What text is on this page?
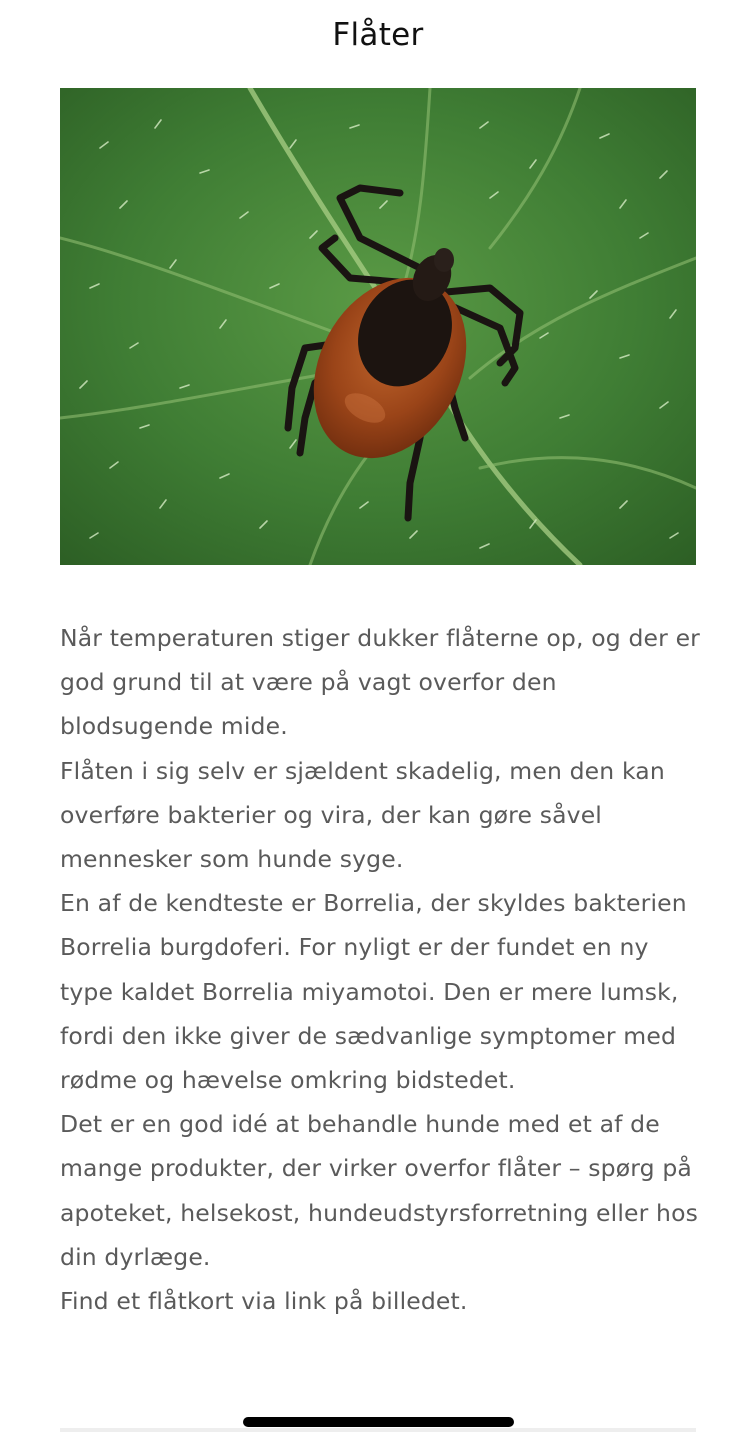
Flåter

Når temperaturen stiger dukker flåterne op, og der er god grund til at være på vagt overfor den blodsugende mide.

Flåten i sig selv er sjældent skadelig, men den kan overføre bakterier og vira, der kan gøre såvel mennesker som hunde syge.

En af de kendteste er Borrelia, der skyldes bakterien Borrelia burgdoferi. For nyligt er der fundet en ny type kaldet Borrelia miyamotoi. Den er mere lumsk, fordi den ikke giver de sædvanlige symptomer med rødme og hævelse omkring bidstedet.

Det er en god idé at behandle hunde med et af de mange produkter, der virker overfor flåter – spørg på apoteket, helsekost, hundeudstyrsforretning eller hos din dyrlæge.

Find et flåtkort via link på billedet.
